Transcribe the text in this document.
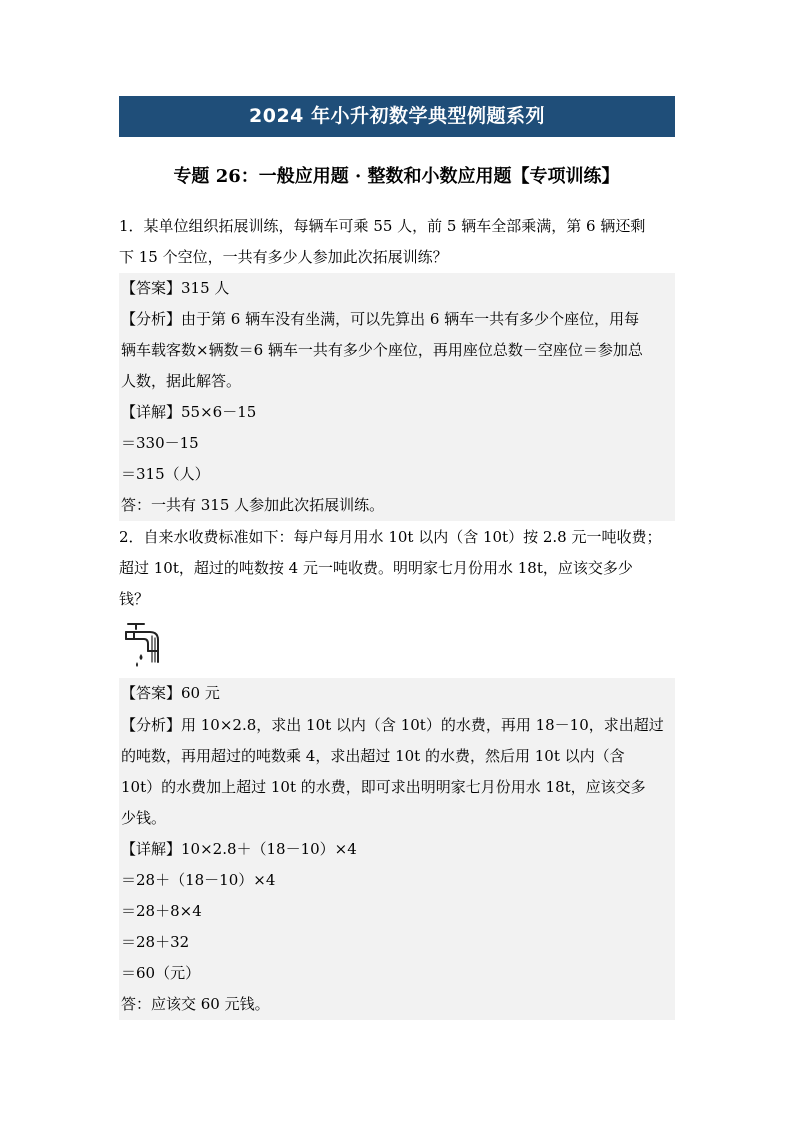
2024 年小升初数学典型例题系列
专题 26：一般应用题 · 整数和小数应用题【专项训练】
1．某单位组织拓展训练，每辆车可乘 55 人，前 5 辆车全部乘满，第 6 辆还剩
下 15 个空位，一共有多少人参加此次拓展训练？
【答案】315 人
【分析】由于第 6 辆车没有坐满，可以先算出 6 辆车一共有多少个座位，用每
辆车载客数×辆数＝6 辆车一共有多少个座位，再用座位总数－空座位＝参加总
人数，据此解答。
【详解】55×6－15
＝330－15
＝315（人）
答：一共有 315 人参加此次拓展训练。
2．自来水收费标准如下：每户每月用水 10t 以内（含 10t）按 2.8 元一吨收费；
超过 10t，超过的吨数按 4 元一吨收费。明明家七月份用水 18t，应该交多少
钱？
【答案】60 元
【分析】用 10×2.8，求出 10t 以内（含 10t）的水费，再用 18－10，求出超过
的吨数，再用超过的吨数乘 4，求出超过 10t 的水费，然后用 10t 以内（含
10t）的水费加上超过 10t 的水费，即可求出明明家七月份用水 18t，应该交多
少钱。
【详解】10×2.8＋（18－10）×4
＝28＋（18－10）×4
＝28＋8×4
＝28＋32
＝60（元）
答：应该交 60 元钱。
